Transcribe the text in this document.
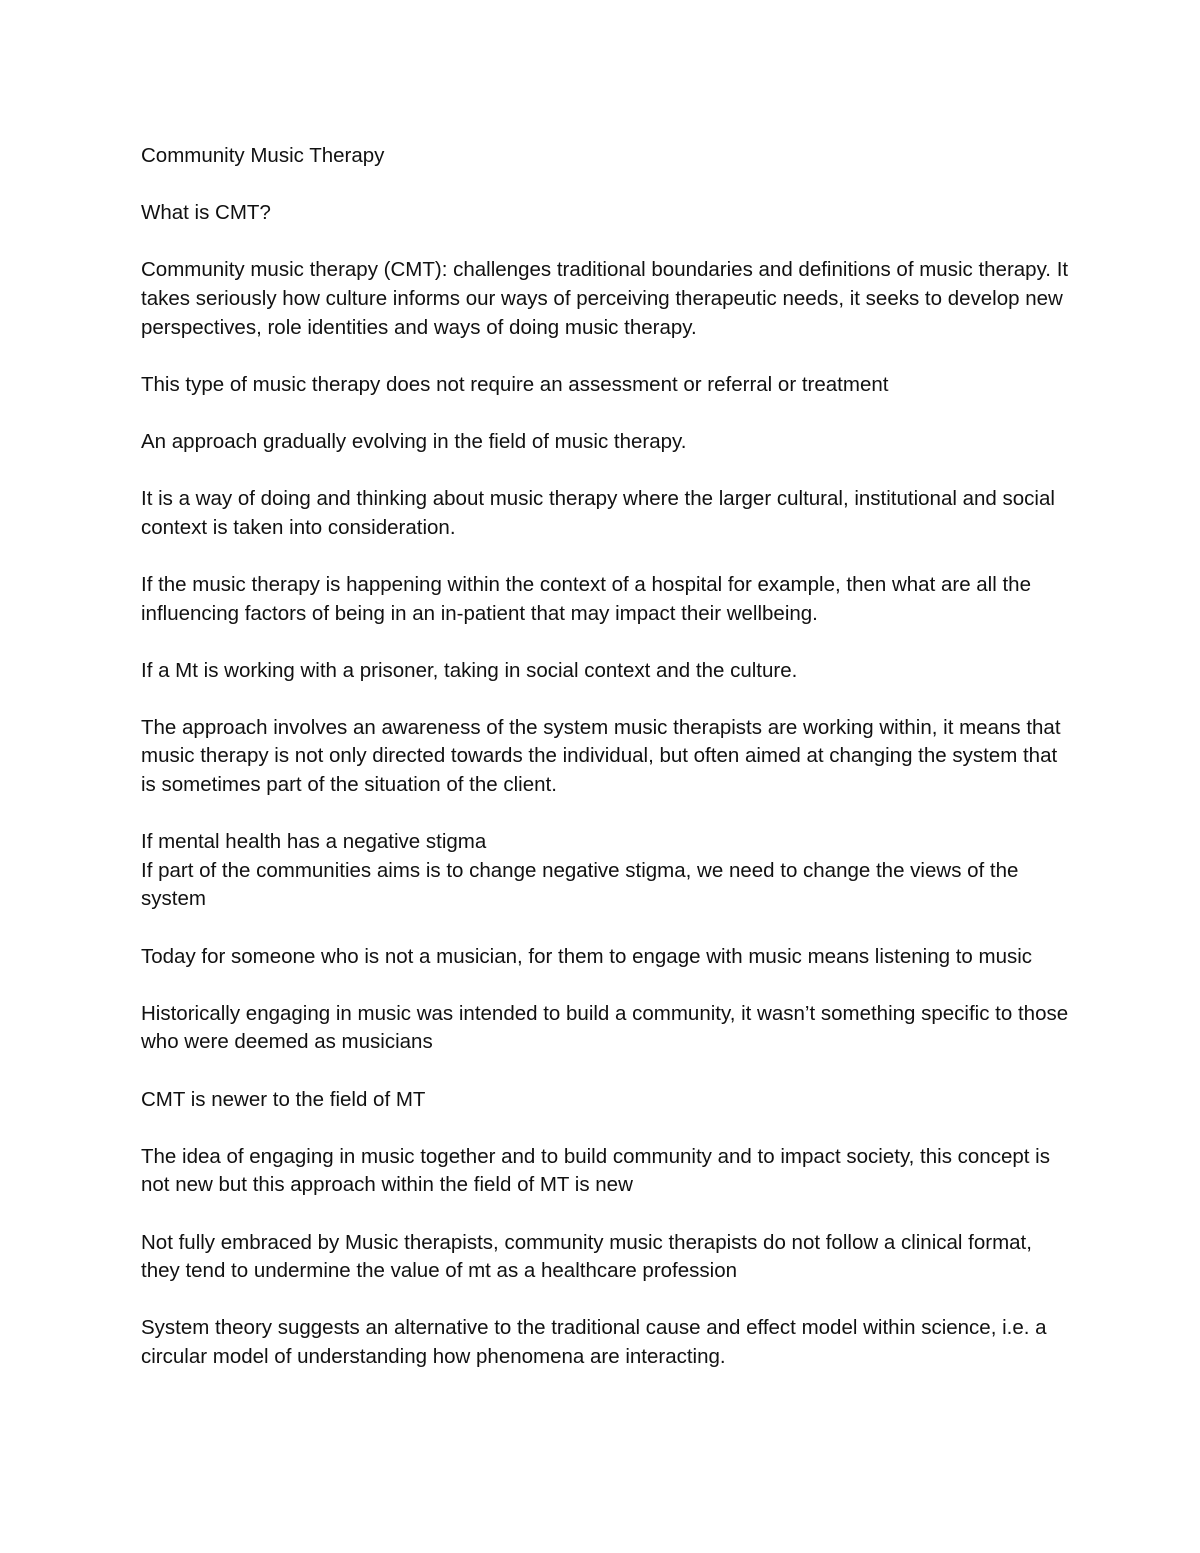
Community Music Therapy

What is CMT?

Community music therapy (CMT): challenges traditional boundaries and definitions of music therapy. It takes seriously how culture informs our ways of perceiving therapeutic needs, it seeks to develop new perspectives, role identities and ways of doing music therapy.

This type of music therapy does not require an assessment or referral or treatment

An approach gradually evolving in the field of music therapy.

It is a way of doing and thinking about music therapy where the larger cultural, institutional and social context is taken into consideration.

If the music therapy is happening within the context of a hospital for example, then what are all the influencing factors of being in an in-patient that may impact their wellbeing.

If a Mt is working with a prisoner, taking in social context and the culture.

The approach involves an awareness of the system music therapists are working within, it means that music therapy is not only directed towards the individual, but often aimed at changing the system that is sometimes part of the situation of the client.

If mental health has a negative stigma

If part of the communities aims is to change negative stigma, we need to change the views of the system

Today for someone who is not a musician, for them to engage with music means listening to music

Historically engaging in music was intended to build a community, it wasn’t something specific to those who were deemed as musicians

CMT is newer to the field of MT

The idea of engaging in music together and to build community and to impact society, this concept is not new but this approach within the field of MT is new

Not fully embraced by Music therapists, community music therapists do not follow a clinical format, they tend to undermine the value of mt as a healthcare profession

System theory suggests an alternative to the traditional cause and effect model within science, i.e. a circular model of understanding how phenomena are interacting.
